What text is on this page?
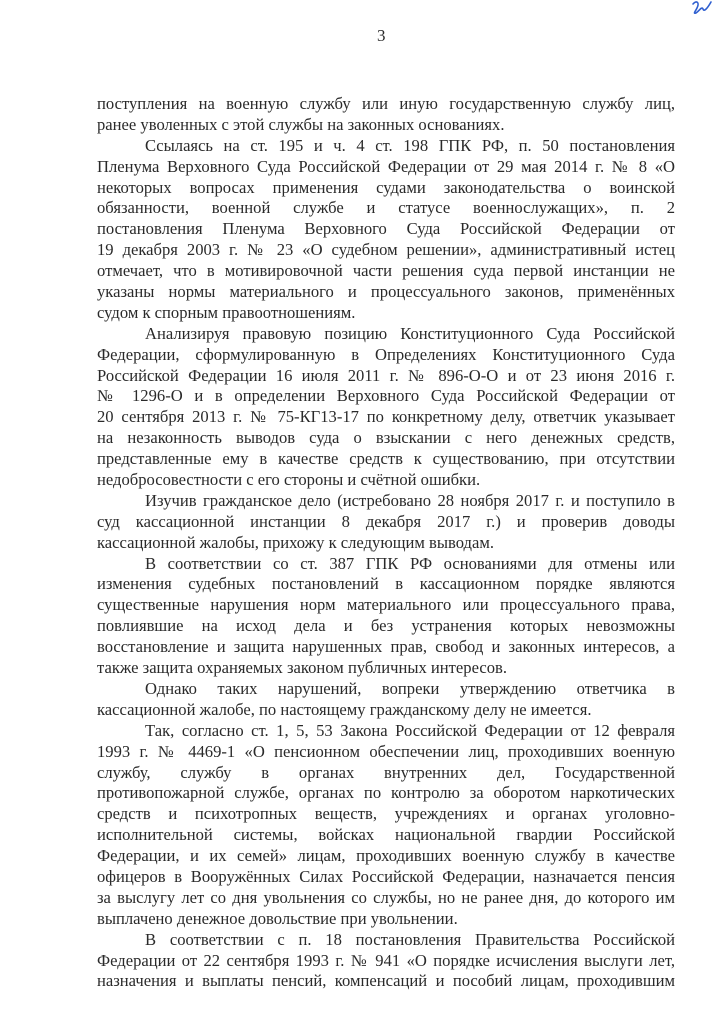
3
поступления на военную службу или иную государственную службу лиц,
ранее уволенных с этой службы на законных основаниях.
Ссылаясь на ст. 195 и ч. 4 ст. 198 ГПК РФ, п. 50 постановления
Пленума Верховного Суда Российской Федерации от 29 мая 2014 г. № 8 «О
некоторых вопросах применения судами законодательства о воинской
обязанности, военной службе и статусе военнослужащих», п. 2
постановления Пленума Верховного Суда Российской Федерации от
19 декабря 2003 г. № 23 «О судебном решении», административный истец
отмечает, что в мотивировочной части решения суда первой инстанции не
указаны нормы материального и процессуального законов, применённых
судом к спорным правоотношениям.
Анализируя правовую позицию Конституционного Суда Российской
Федерации, сформулированную в Определениях Конституционного Суда
Российской Федерации 16 июля 2011 г. № 896-О-О и от 23 июня 2016 г.
№ 1296-О и в определении Верховного Суда Российской Федерации от
20 сентября 2013 г. № 75-КГ13-17 по конкретному делу, ответчик указывает
на незаконность выводов суда о взыскании с него денежных средств,
представленные ему в качестве средств к существованию, при отсутствии
недобросовестности с его стороны и счётной ошибки.
Изучив гражданское дело (истребовано 28 ноября 2017 г. и поступило в
суд кассационной инстанции 8 декабря 2017 г.) и проверив доводы
кассационной жалобы, прихожу к следующим выводам.
В соответствии со ст. 387 ГПК РФ основаниями для отмены или
изменения судебных постановлений в кассационном порядке являются
существенные нарушения норм материального или процессуального права,
повлиявшие на исход дела и без устранения которых невозможны
восстановление и защита нарушенных прав, свобод и законных интересов, а
также защита охраняемых законом публичных интересов.
Однако таких нарушений, вопреки утверждению ответчика в
кассационной жалобе, по настоящему гражданскому делу не имеется.
Так, согласно ст. 1, 5, 53 Закона Российской Федерации от 12 февраля
1993 г. № 4469-1 «О пенсионном обеспечении лиц, проходивших военную
службу, службу в органах внутренних дел, Государственной
противопожарной службе, органах по контролю за оборотом наркотических
средств и психотропных веществ, учреждениях и органах уголовно-
исполнительной системы, войсках национальной гвардии Российской
Федерации, и их семей» лицам, проходивших военную службу в качестве
офицеров в Вооружённых Силах Российской Федерации, назначается пенсия
за выслугу лет со дня увольнения со службы, но не ранее дня, до которого им
выплачено денежное довольствие при увольнении.
В соответствии с п. 18 постановления Правительства Российской
Федерации от 22 сентября 1993 г. № 941 «О порядке исчисления выслуги лет,
назначения и выплаты пенсий, компенсаций и пособий лицам, проходившим
